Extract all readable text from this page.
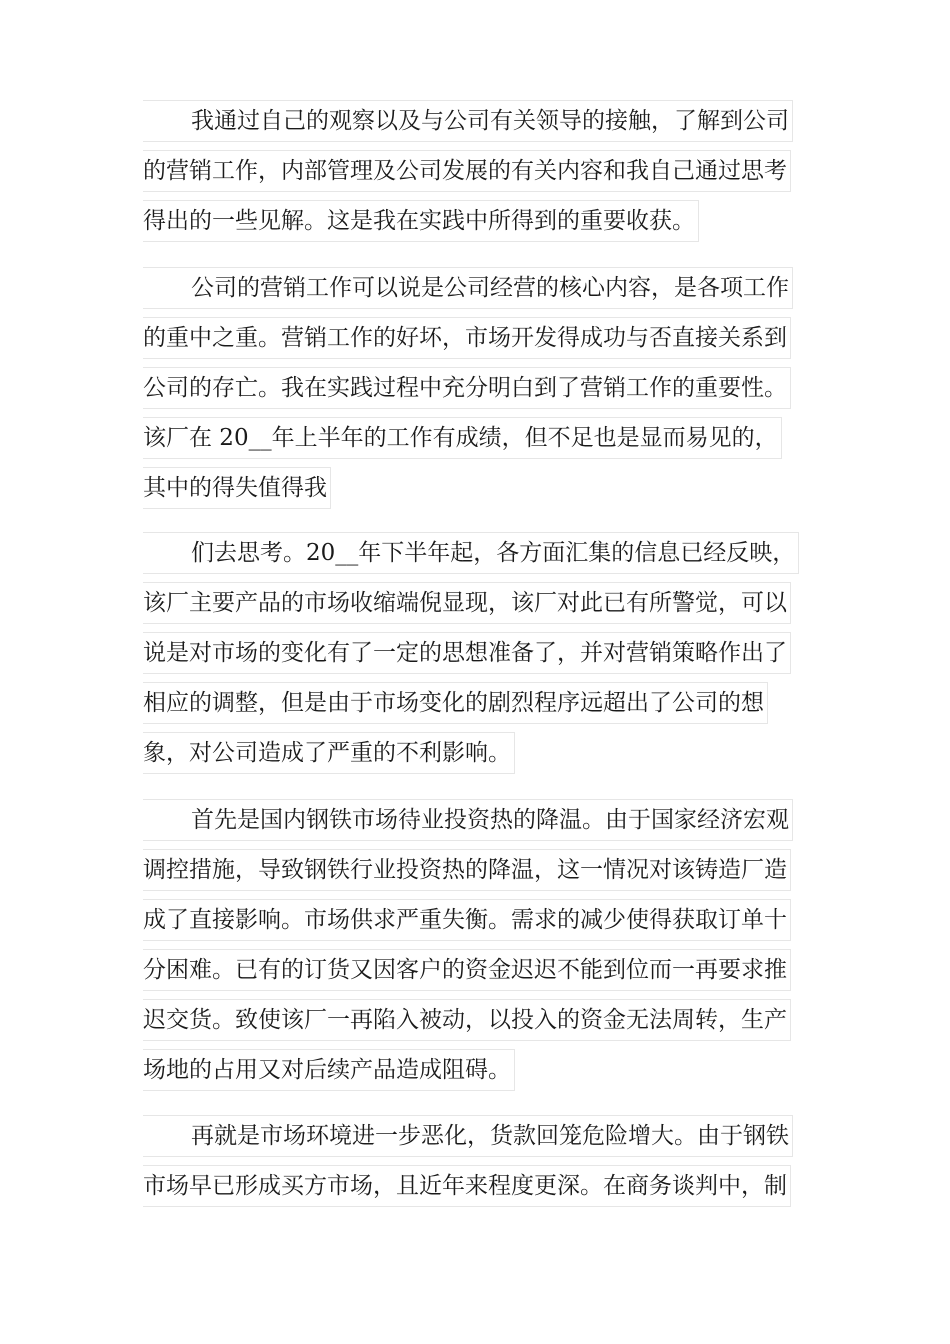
我通过自己的观察以及与公司有关领导的接触，了解到公司
的营销工作，内部管理及公司发展的有关内容和我自己通过思考
得出的一些见解。这是我在实践中所得到的重要收获。
公司的营销工作可以说是公司经营的核心内容，是各项工作
的重中之重。营销工作的好坏，市场开发得成功与否直接关系到
公司的存亡。我在实践过程中充分明白到了营销工作的重要性。
该厂在 20__年上半年的工作有成绩，但不足也是显而易见的，
其中的得失值得我
们去思考。20__年下半年起，各方面汇集的信息已经反映，
该厂主要产品的市场收缩端倪显现，该厂对此已有所警觉，可以
说是对市场的变化有了一定的思想准备了，并对营销策略作出了
相应的调整，但是由于市场变化的剧烈程序远超出了公司的想
象，对公司造成了严重的不利影响。
首先是国内钢铁市场待业投资热的降温。由于国家经济宏观
调控措施，导致钢铁行业投资热的降温，这一情况对该铸造厂造
成了直接影响。市场供求严重失衡。需求的减少使得获取订单十
分困难。已有的订货又因客户的资金迟迟不能到位而一再要求推
迟交货。致使该厂一再陷入被动，以投入的资金无法周转，生产
场地的占用又对后续产品造成阻碍。
再就是市场环境进一步恶化，货款回笼危险增大。由于钢铁
市场早已形成买方市场，且近年来程度更深。在商务谈判中，制
